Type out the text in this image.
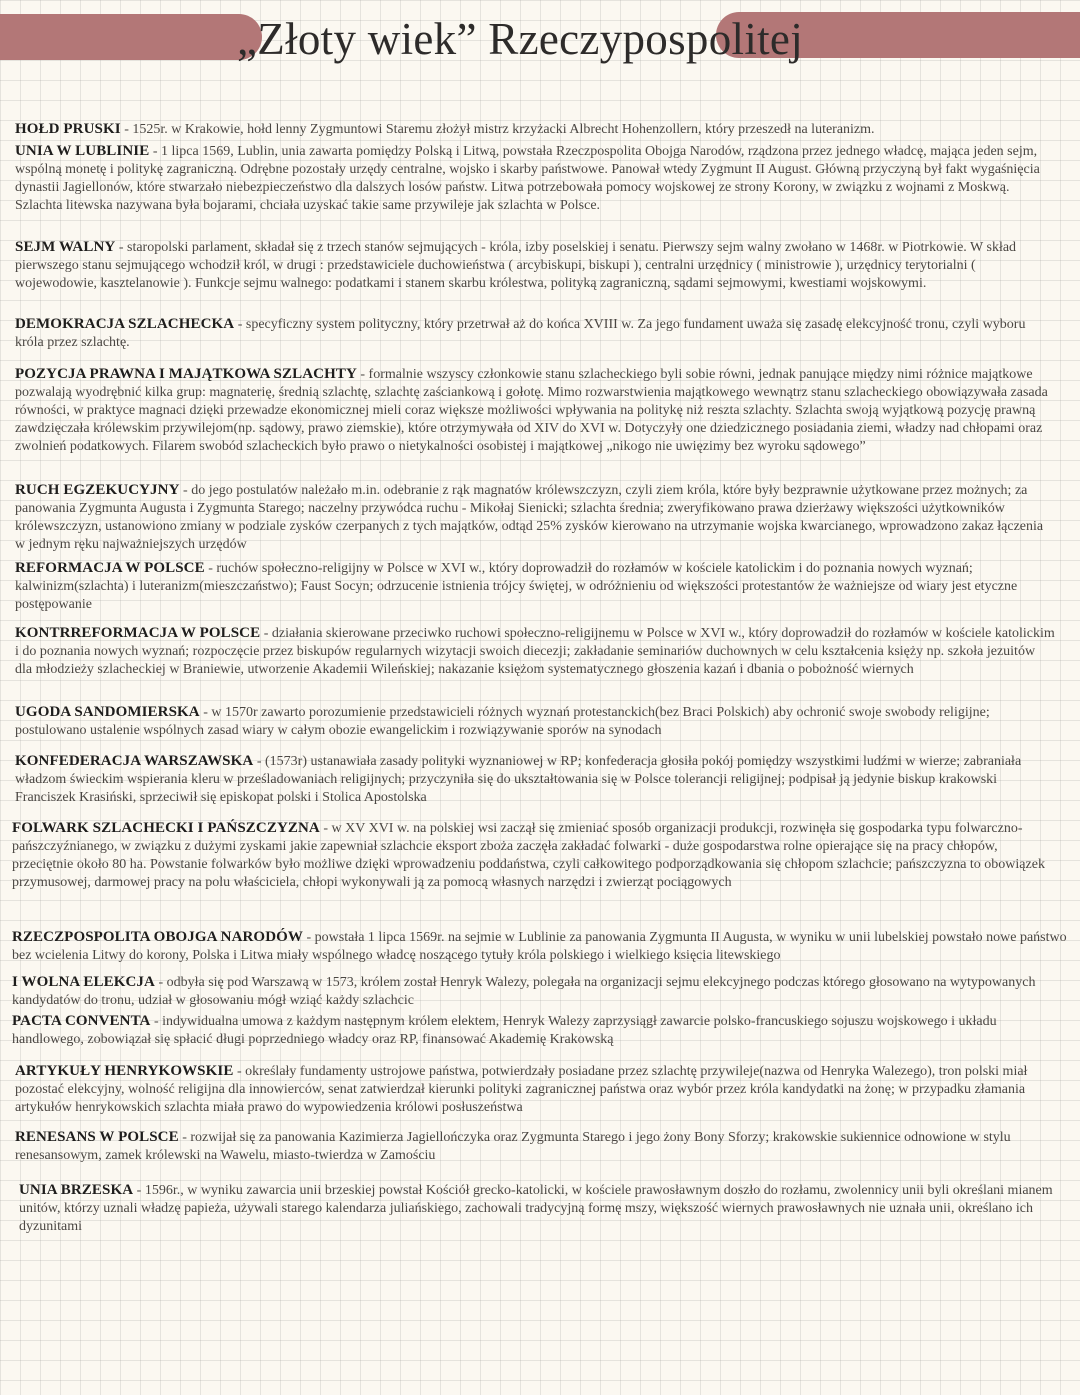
„Złoty wiek” Rzeczypospolitej

HOŁD PRUSKI - 1525r. w Krakowie, hołd lenny Zygmuntowi Staremu złożył mistrz krzyżacki Albrecht Hohenzollern, który przeszedł na luteranizm.

UNIA W LUBLINIE - 1 lipca 1569, Lublin, unia zawarta pomiędzy Polską i Litwą, powstała Rzeczpospolita Obojga Narodów, rządzona przez jednego władcę, mająca jeden sejm, wspólną monetę i politykę zagraniczną. Odrębne pozostały urzędy centralne, wojsko i skarby państwowe. Panował wtedy Zygmunt II August. Główną przyczyną był fakt wygaśnięcia dynastii Jagiellonów, które stwarzało niebezpieczeństwo dla dalszych losów państw. Litwa potrzebowała pomocy wojskowej ze strony Korony, w związku z wojnami z Moskwą. Szlachta litewska nazywana była bojarami, chciała uzyskać takie same przywileje jak szlachta w Polsce.

SEJM WALNY - staropolski parlament, składał się z trzech stanów sejmujących - króla, izby poselskiej i senatu. Pierwszy sejm walny zwołano w 1468r. w Piotrkowie. W skład pierwszego stanu sejmującego wchodził król, w drugi : przedstawiciele duchowieństwa ( arcybiskupi, biskupi ), centralni urzędnicy ( ministrowie ), urzędnicy terytorialni ( wojewodowie, kasztelanowie ). Funkcje sejmu walnego: podatkami i stanem skarbu królestwa, polityką zagraniczną, sądami sejmowymi, kwestiami wojskowymi.

DEMOKRACJA SZLACHECKA - specyficzny system polityczny, który przetrwał aż do końca XVIII w. Za jego fundament uważa się zasadę elekcyjność tronu, czyli wyboru króla przez szlachtę.

POZYCJA PRAWNA I MAJĄTKOWA SZLACHTY - formalnie wszyscy członkowie stanu szlacheckiego byli sobie równi, jednak panujące między nimi różnice majątkowe pozwalają wyodrębnić kilka grup: magnaterię, średnią szlachtę, szlachtę zaściankową i gołotę. Mimo rozwarstwienia majątkowego wewnątrz stanu szlacheckiego obowiązywała zasada równości, w praktyce magnaci dzięki przewadze ekonomicznej mieli coraz większe możliwości wpływania na politykę niż reszta szlachty. Szlachta swoją wyjątkową pozycję prawną zawdzięczała królewskim przywilejom(np. sądowy, prawo ziemskie), które otrzymywała od XIV do XVI w. Dotyczyły one dziedzicznego posiadania ziemi, władzy nad chłopami oraz zwolnień podatkowych. Filarem swobód szlacheckich było prawo o nietykalności osobistej i majątkowej „nikogo nie uwięzimy bez wyroku sądowego”

RUCH EGZEKUCYJNY - do jego postulatów należało m.in. odebranie z rąk magnatów królewszczyzn, czyli ziem króla, które były bezprawnie użytkowane przez możnych; za panowania Zygmunta Augusta i Zygmunta Starego; naczelny przywódca ruchu - Mikołaj Sienicki; szlachta średnia; zweryfikowano prawa dzierżawy większości użytkowników królewszczyzn, ustanowiono zmiany w podziale zysków czerpanych z tych majątków, odtąd 25% zysków kierowano na utrzymanie wojska kwarcianego, wprowadzono zakaz łączenia w jednym ręku najważniejszych urzędów

REFORMACJA W POLSCE - ruchów społeczno-religijny w Polsce w XVI w., który doprowadził do rozłamów w kościele katolickim i do poznania nowych wyznań; kalwinizm(szlachta) i luteranizm(mieszczaństwo); Faust Socyn; odrzucenie istnienia trójcy świętej, w odróżnieniu od większości protestantów że ważniejsze od wiary jest etyczne postępowanie

KONTRREFORMACJA W POLSCE - działania skierowane przeciwko ruchowi społeczno-religijnemu w Polsce w XVI w., który doprowadził do rozłamów w kościele katolickim i do poznania nowych wyznań; rozpoczęcie przez biskupów regularnych wizytacji swoich diecezji; zakładanie seminariów duchownych w celu kształcenia księży np. szkoła jezuitów dla młodzieży szlacheckiej w Braniewie, utworzenie Akademii Wileńskiej; nakazanie księżom systematycznego głoszenia kazań i dbania o pobożność wiernych

UGODA SANDOMIERSKA - w 1570r zawarto porozumienie przedstawicieli różnych wyznań protestanckich(bez Braci Polskich) aby ochronić swoje swobody religijne; postulowano ustalenie wspólnych zasad wiary w całym obozie ewangelickim i rozwiązywanie sporów na synodach

KONFEDERACJA WARSZAWSKA - (1573r) ustanawiała zasady polityki wyznaniowej w RP; konfederacja głosiła pokój pomiędzy wszystkimi ludźmi w wierze; zabraniała władzom świeckim wspierania kleru w prześladowaniach religijnych; przyczyniła się do ukształtowania się w Polsce tolerancji religijnej; podpisał ją jedynie biskup krakowski Franciszek Krasiński, sprzeciwił się episkopat polski i Stolica Apostolska

FOLWARK SZLACHECKI I PAŃSZCZYZNA - w XV XVI w. na polskiej wsi zaczął się zmieniać sposób organizacji produkcji, rozwinęła się gospodarka typu folwarczno-pańszczyźnianego, w związku z dużymi zyskami jakie zapewniał szlachcie eksport zboża zaczęła zakładać folwarki - duże gospodarstwa rolne opierające się na pracy chłopów, przeciętnie około 80 ha. Powstanie folwarków było możliwe dzięki wprowadzeniu poddaństwa, czyli całkowitego podporządkowania się chłopom szlachcie; pańszczyzna to obowiązek przymusowej, darmowej pracy na polu właściciela, chłopi wykonywali ją za pomocą własnych narzędzi i zwierząt pociągowych

RZECZPOSPOLITA OBOJGA NARODÓW - powstała 1 lipca 1569r. na sejmie w Lublinie za panowania Zygmunta II Augusta, w wyniku w unii lubelskiej powstało nowe państwo bez wcielenia Litwy do korony, Polska i Litwa miały wspólnego władcę noszącego tytuły króla polskiego i wielkiego księcia litewskiego

I WOLNA ELEKCJA - odbyła się pod Warszawą w 1573, królem został Henryk Walezy, polegała na organizacji sejmu elekcyjnego podczas którego głosowano na wytypowanych kandydatów do tronu, udział w głosowaniu mógł wziąć każdy szlachcic

PACTA CONVENTA - indywidualna umowa z każdym następnym królem elektem, Henryk Walezy zaprzysiągł zawarcie polsko-francuskiego sojuszu wojskowego i układu handlowego, zobowiązał się spłacić długi poprzedniego władcy oraz RP, finansować Akademię Krakowską

ARTYKUŁY HENRYKOWSKIE - określały fundamenty ustrojowe państwa, potwierdzały posiadane przez szlachtę przywileje(nazwa od Henryka Walezego), tron polski miał pozostać elekcyjny, wolność religijna dla innowierców, senat zatwierdzał kierunki polityki zagranicznej państwa oraz wybór przez króla kandydatki na żonę; w przypadku złamania artykułów henrykowskich szlachta miała prawo do wypowiedzenia królowi posłuszeństwa

RENESANS W POLSCE - rozwijał się za panowania Kazimierza Jagiellończyka oraz Zygmunta Starego i jego żony Bony Sforzy; krakowskie sukiennice odnowione w stylu renesansowym, zamek królewski na Wawelu, miasto-twierdza w Zamościu

UNIA BRZESKA - 1596r., w wyniku zawarcia unii brzeskiej powstał Kościół grecko-katolicki, w kościele prawosławnym doszło do rozłamu, zwolennicy unii byli określani mianem unitów, którzy uznali władzę papieża, używali starego kalendarza juliańskiego, zachowali tradycyjną formę mszy, większość wiernych prawosławnych nie uznała unii, określano ich dyzunitami
